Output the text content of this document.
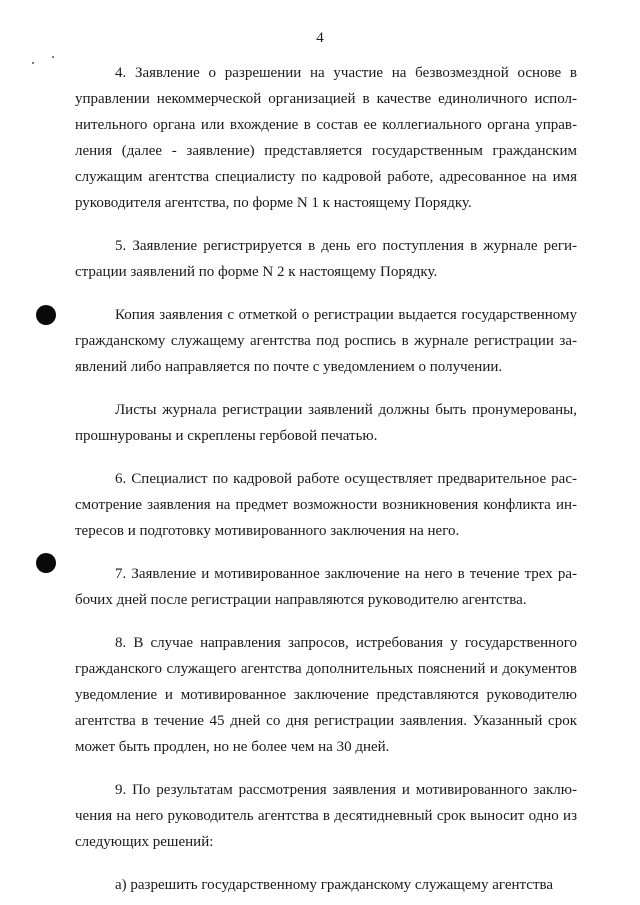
4

4. Заявление о разрешении на участие на безвозмездной основе в управлении некоммерческой организацией в качестве единоличного исполнительного органа или вхождение в состав ее коллегиального органа управления (далее - заявление) представляется государственным гражданским служащим агентства специалисту по кадровой работе, адресованное на имя руководителя агентства, по форме N 1 к настоящему Порядку.

5. Заявление регистрируется в день его поступления в журнале регистрации заявлений по форме N 2 к настоящему Порядку.

Копия заявления с отметкой о регистрации выдается государственному гражданскому служащему агентства под роспись в журнале регистрации заявлений либо направляется по почте с уведомлением о получении.

Листы журнала регистрации заявлений должны быть пронумерованы, прошнурованы и скреплены гербовой печатью.

6. Специалист по кадровой работе осуществляет предварительное рассмотрение заявления на предмет возможности возникновения конфликта интересов и подготовку мотивированного заключения на него.

7. Заявление и мотивированное заключение на него в течение трех рабочих дней после регистрации направляются руководителю агентства.

8. В случае направления запросов, истребования у государственного гражданского служащего агентства дополнительных пояснений и документов уведомление и мотивированное заключение представляются руководителю агентства в течение 45 дней со дня регистрации заявления. Указанный срок может быть продлен, но не более чем на 30 дней.

9. По результатам рассмотрения заявления и мотивированного заключения на него руководитель агентства в десятидневный срок выносит одно из следующих решений:

а) разрешить государственному гражданскому служащему агентства
